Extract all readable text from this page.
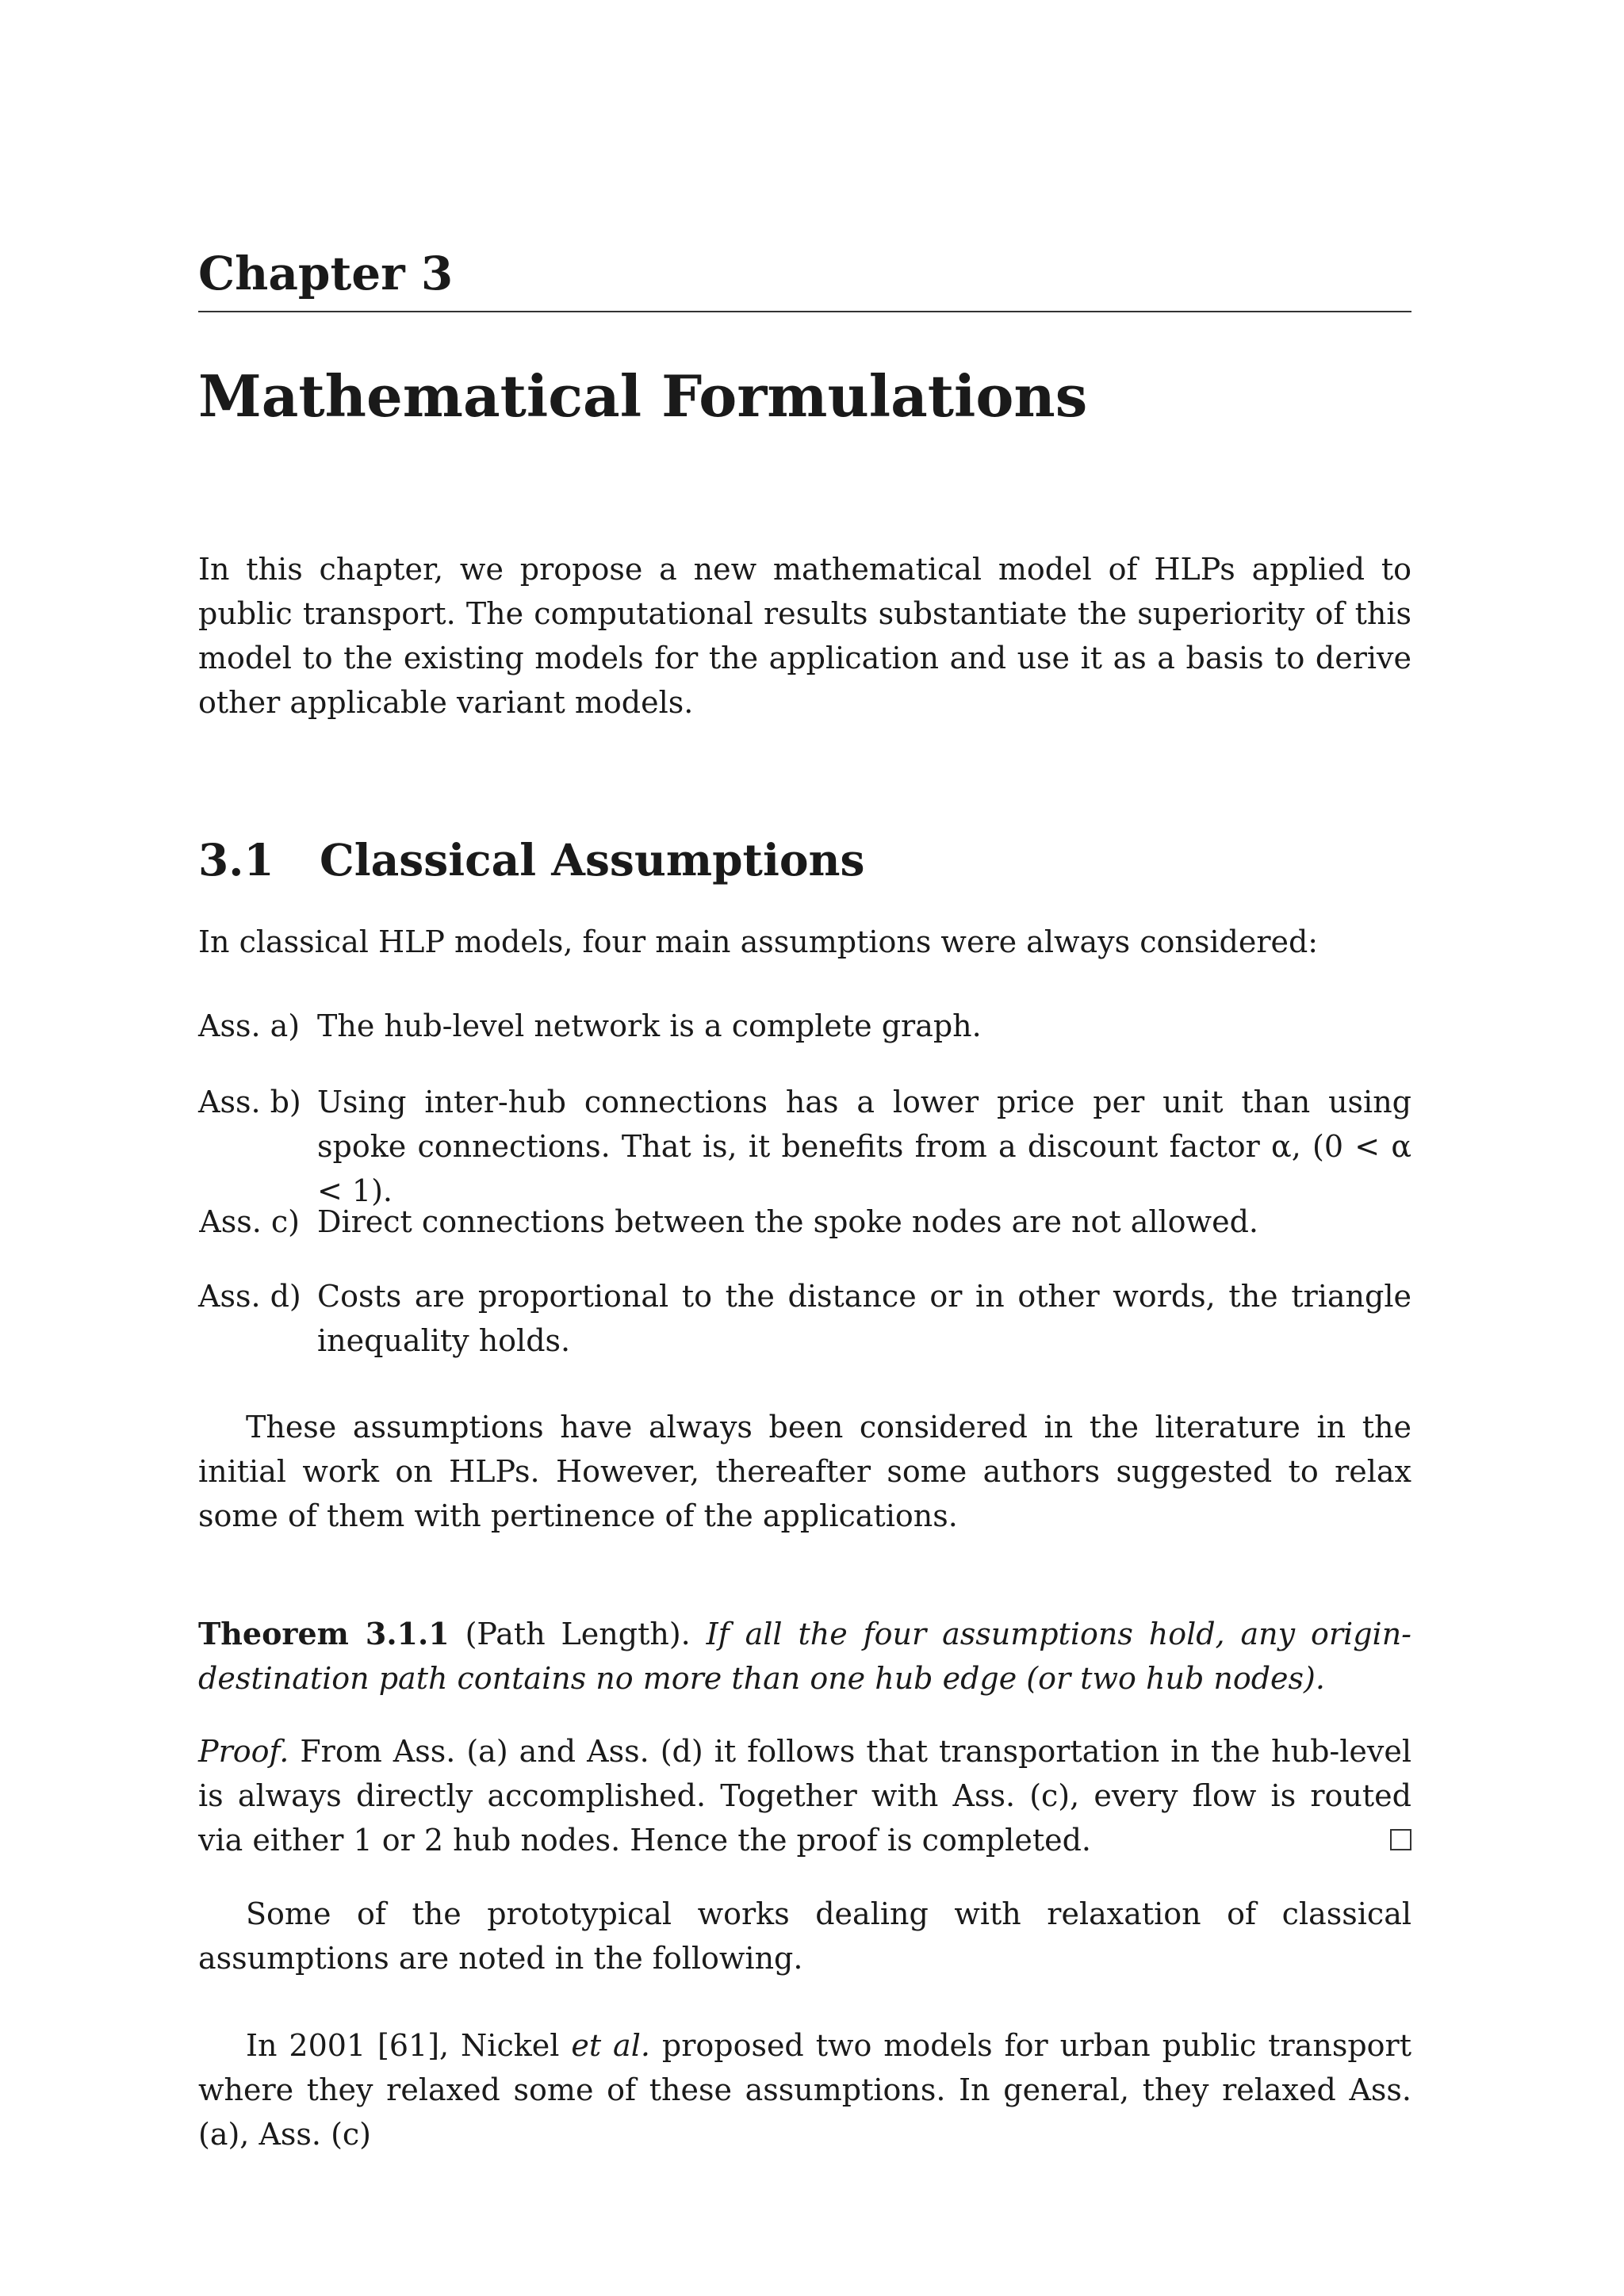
Chapter 3
Mathematical Formulations
In this chapter, we propose a new mathematical model of HLPs applied to public transport. The computational results substantiate the superiority of this model to the existing models for the application and use it as a basis to derive other applicable variant models.
3.1 Classical Assumptions
In classical HLP models, four main assumptions were always considered:
Ass. a) The hub-level network is a complete graph.
Ass. b) Using inter-hub connections has a lower price per unit than using spoke connections. That is, it benefits from a discount factor α, (0 < α < 1).
Ass. c) Direct connections between the spoke nodes are not allowed.
Ass. d) Costs are proportional to the distance or in other words, the triangle inequality holds.
These assumptions have always been considered in the literature in the initial work on HLPs. However, thereafter some authors suggested to relax some of them with pertinence of the applications.
Theorem 3.1.1 (Path Length). If all the four assumptions hold, any origin-destination path contains no more than one hub edge (or two hub nodes).
Proof. From Ass. (a) and Ass. (d) it follows that transportation in the hub-level is always directly accomplished. Together with Ass. (c), every flow is routed via either 1 or 2 hub nodes. Hence the proof is completed.
Some of the prototypical works dealing with relaxation of classical assumptions are noted in the following.
In 2001 [61], Nickel et al. proposed two models for urban public transport where they relaxed some of these assumptions. In general, they relaxed Ass. (a), Ass. (c)
